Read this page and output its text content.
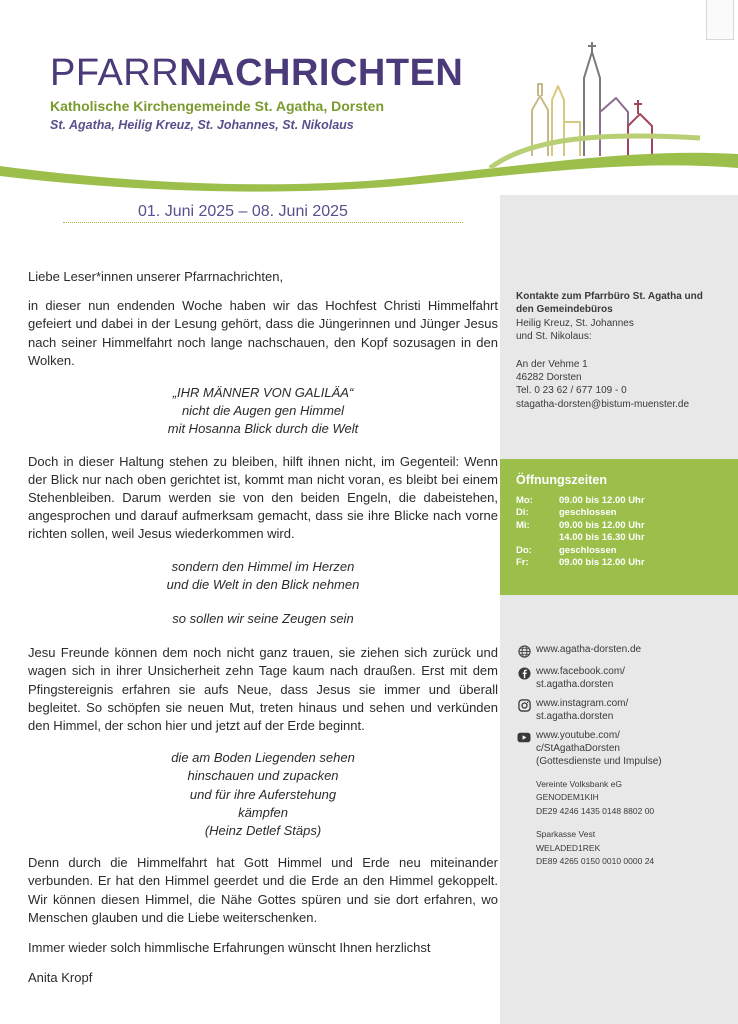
PFARRNACHRICHTEN
Katholische Kirchengemeinde St. Agatha, Dorsten
St. Agatha, Heilig Kreuz, St. Johannes, St. Nikolaus
01. Juni 2025 – 08. Juni 2025
Liebe Leser*innen unserer Pfarrnachrichten,
in dieser nun endenden Woche haben wir das Hochfest Christi Himmelfahrt gefeiert und dabei in der Lesung gehört, dass die Jüngerinnen und Jünger Jesus nach seiner Himmelfahrt noch lange nachschauen, den Kopf sozusagen in den Wolken.
„IHR MÄNNER VON GALILÄA“
nicht die Augen gen Himmel
mit Hosanna Blick durch die Welt
Doch in dieser Haltung stehen zu bleiben, hilft ihnen nicht, im Gegenteil: Wenn der Blick nur nach oben gerichtet ist, kommt man nicht voran, es bleibt bei einem Stehenbleiben. Darum werden sie von den beiden Engeln, die dabeistehen, angesprochen und darauf aufmerksam gemacht, dass sie ihre Blicke nach vorne richten sollen, weil Jesus wiederkommen wird.
sondern den Himmel im Herzen
und die Welt in den Blick nehmen
so sollen wir seine Zeugen sein
Jesu Freunde können dem noch nicht ganz trauen, sie ziehen sich zurück und wagen sich in ihrer Unsicherheit zehn Tage kaum nach draußen. Erst mit dem Pfingstereignis erfahren sie aufs Neue, dass Jesus sie immer und überall begleitet. So schöpfen sie neuen Mut, treten hinaus und sehen und verkünden den Himmel, der schon hier und jetzt auf der Erde beginnt.
die am Boden Liegenden sehen
hinschauen und zupacken
und für ihre Auferstehung
kämpfen
(Heinz Detlef Stäps)
Denn durch die Himmelfahrt hat Gott Himmel und Erde neu miteinander verbunden. Er hat den Himmel geerdet und die Erde an den Himmel gekoppelt. Wir können diesen Himmel, die Nähe Gottes spüren und sie dort erfahren, wo Menschen glauben und die Liebe weiterschenken.
Immer wieder solch himmlische Erfahrungen wünscht Ihnen herzlichst
Anita Kropf
Kontakte zum Pfarrbüro St. Agatha und
den Gemeindebüros
Heilig Kreuz, St. Johannes
und St. Nikolaus:
An der Vehme 1
46282 Dorsten
Tel. 0 23 62 / 677 109 - 0
stagatha-dorsten@bistum-muenster.de
Öffnungszeiten
Mo:	09.00 bis 12.00 Uhr
Di:	geschlossen
Mi:	09.00 bis 12.00 Uhr
14.00 bis 16.30 Uhr
Do:	geschlossen
Fr:	09.00 bis 12.00 Uhr
www.agatha-dorsten.de
www.facebook.com/
st.agatha.dorsten
www.instagram.com/
st.agatha.dorsten
www.youtube.com/
c/StAgathaDorsten
(Gottesdienste und Impulse)
Vereinte Volksbank eG
GENODEM1KIH
DE29 4246 1435 0148 8802 00
Sparkasse Vest
WELADED1REK
DE89 4265 0150 0010 0000 24
